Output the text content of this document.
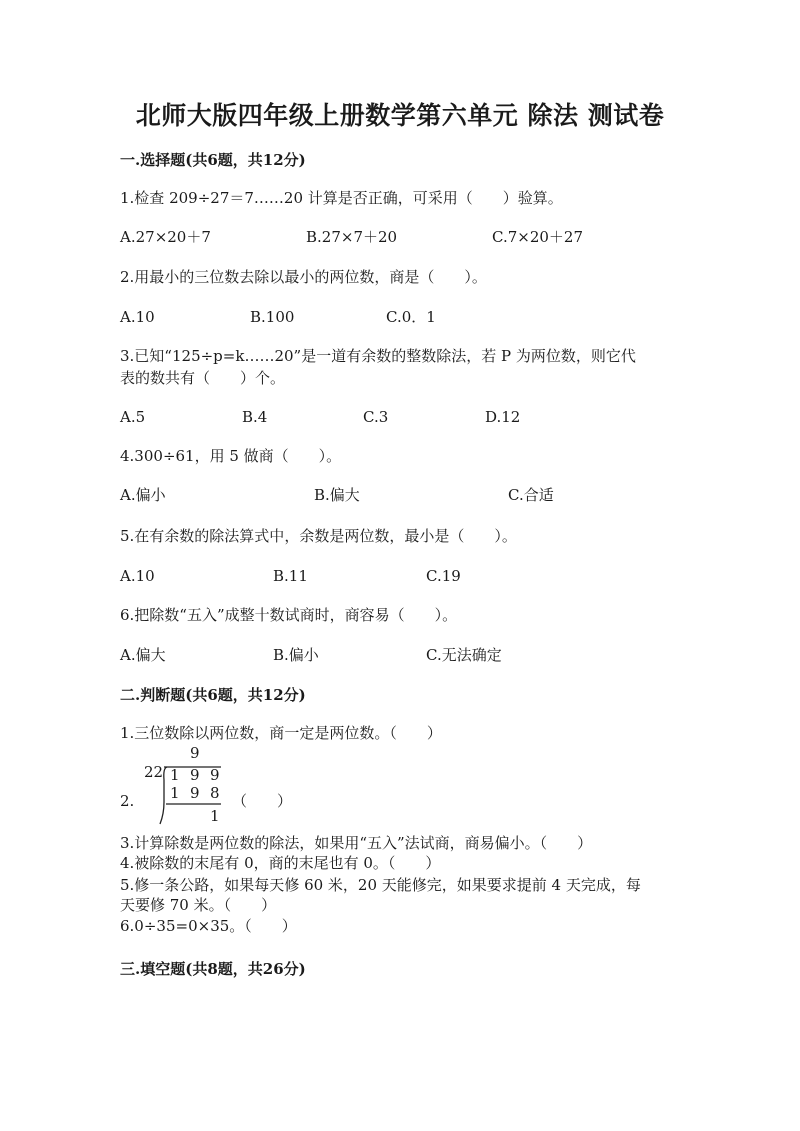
北师大版四年级上册数学第六单元 除法 测试卷
一.选择题(共6题，共12分)
1.检查 209÷27＝7……20 计算是否正确，可采用（　　）验算。
A.27×20＋7	B.27×7＋20	C.7×20＋27
2.用最小的三位数去除以最小的两位数，商是（　　）。
A.10	B.100	C.0．1
3.已知“125÷p=k……20”是一道有余数的整数除法，若 P 为两位数，则它代
表的数共有（　　）个。
A.5	B.4	C.3	D.12
4.300÷61，用 5 做商（　　）。
A.偏小	B.偏大	C.合适
5.在有余数的除法算式中，余数是两位数，最小是（　　）。
A.10	B.11	C.19
6.把除数“五入”成整十数试商时，商容易（　　）。
A.偏大	B.偏小	C.无法确定
二.判断题(共6题，共12分)
1.三位数除以两位数，商一定是两位数。（　　）
9
22 1 9 9
1 9 8
1
2.	（　　）
3.计算除数是两位数的除法，如果用“五入”法试商，商易偏小。（　　）
4.被除数的末尾有 0，商的末尾也有 0。（　　）
5.修一条公路，如果每天修 60 米，20 天能修完，如果要求提前 4 天完成，每
天要修 70 米。（　　）
6.0÷35=0×35。（　　）
三.填空题(共8题，共26分)
